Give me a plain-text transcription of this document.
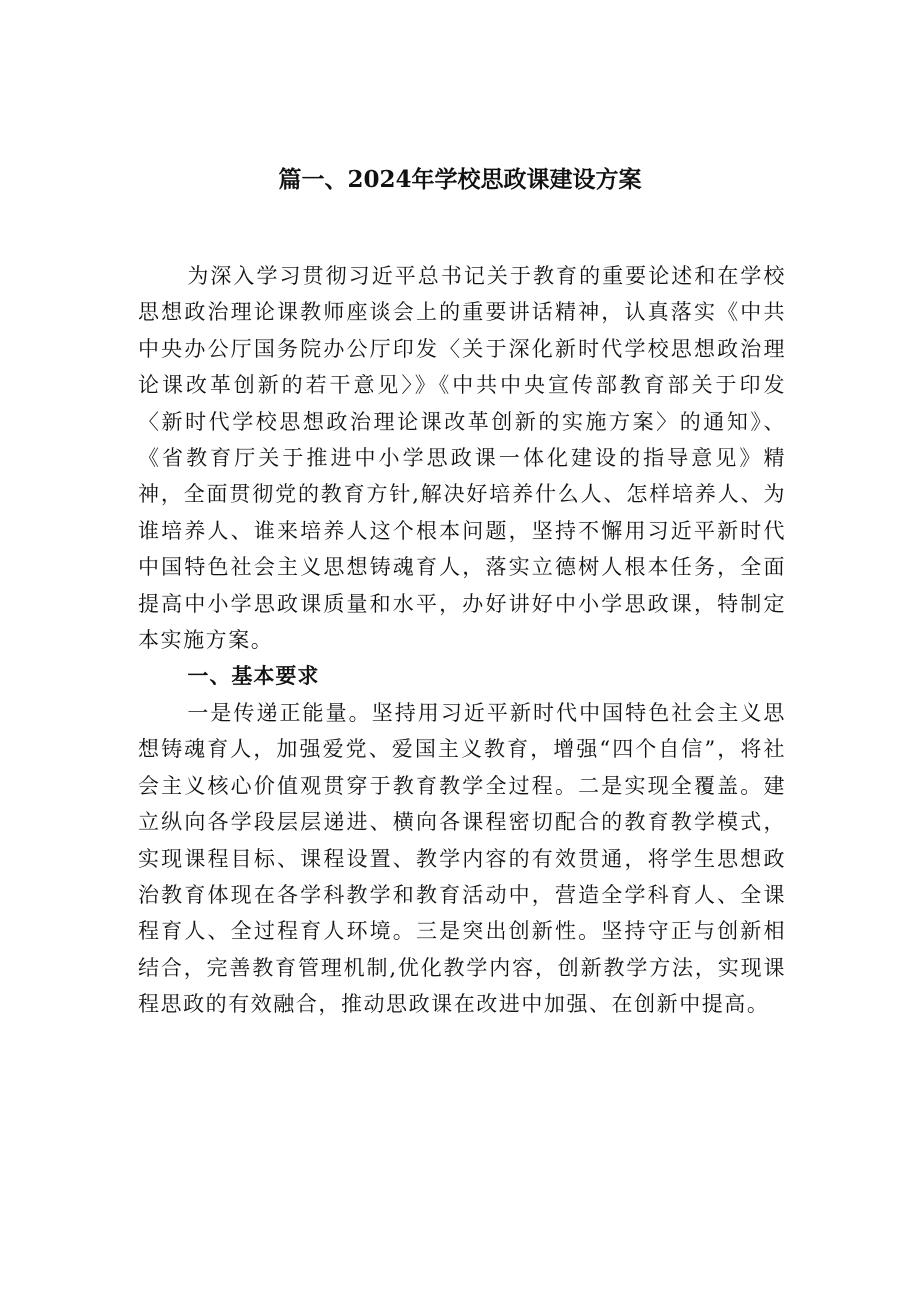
篇一、2024年学校思政课建设方案

为深入学习贯彻习近平总书记关于教育的重要论述和在学校思想政治理论课教师座谈会上的重要讲话精神，认真落实《中共中央办公厅国务院办公厅印发〈关于深化新时代学校思想政治理论课改革创新的若干意见〉》《中共中央宣传部教育部关于印发〈新时代学校思想政治理论课改革创新的实施方案〉的通知》、《省教育厅关于推进中小学思政课一体化建设的指导意见》精神，全面贯彻党的教育方针,解决好培养什么人、怎样培养人、为谁培养人、谁来培养人这个根本问题，坚持不懈用习近平新时代中国特色社会主义思想铸魂育人，落实立德树人根本任务，全面提高中小学思政课质量和水平，办好讲好中小学思政课，特制定本实施方案。

一、基本要求

一是传递正能量。坚持用习近平新时代中国特色社会主义思想铸魂育人，加强爱党、爱国主义教育，增强“四个自信”，将社会主义核心价值观贯穿于教育教学全过程。二是实现全覆盖。建立纵向各学段层层递进、横向各课程密切配合的教育教学模式，实现课程目标、课程设置、教学内容的有效贯通，将学生思想政治教育体现在各学科教学和教育活动中，营造全学科育人、全课程育人、全过程育人环境。三是突出创新性。坚持守正与创新相结合，完善教育管理机制,优化教学内容，创新教学方法，实现课程思政的有效融合，推动思政课在改进中加强、在创新中提高。
